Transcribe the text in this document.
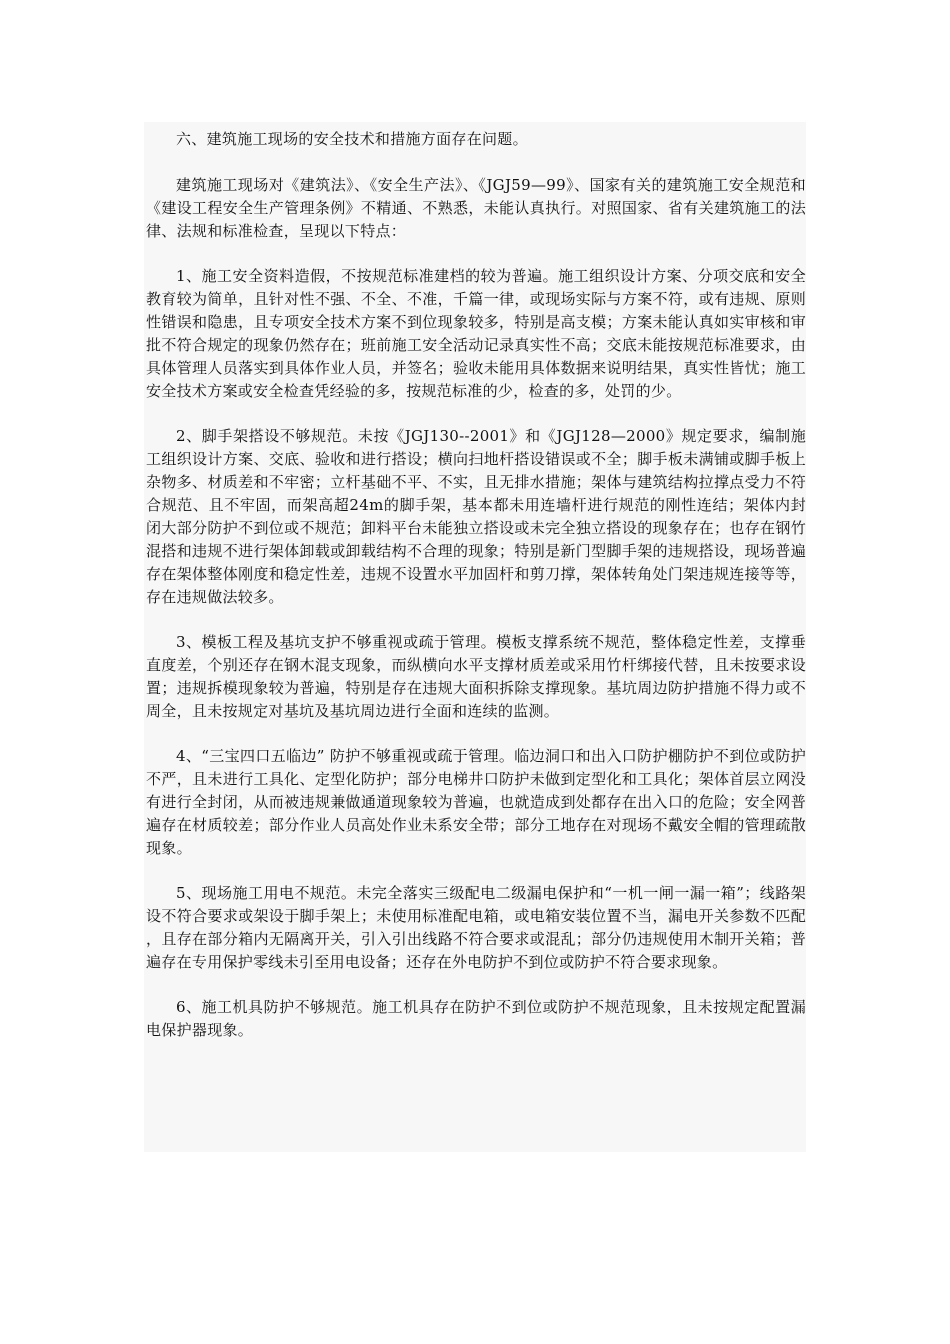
六、建筑施工现场的安全技术和措施方面存在问题。

建筑施工现场对《建筑法》、《安全生产法》、《JGJ59—99》、国家有关的建筑施工安全规范和《建设工程安全生产管理条例》不精通、不熟悉，未能认真执行。对照国家、省有关建筑施工的法律、法规和标准检查，呈现以下特点：

1、施工安全资料造假，不按规范标准建档的较为普遍。施工组织设计方案、分项交底和安全教育较为简单，且针对性不强、不全、不准，千篇一律，或现场实际与方案不符，或有违规、原则性错误和隐患，且专项安全技术方案不到位现象较多，特别是高支模；方案未能认真如实审核和审批不符合规定的现象仍然存在；班前施工安全活动记录真实性不高；交底未能按规范标准要求，由具体管理人员落实到具体作业人员，并签名；验收未能用具体数据来说明结果，真实性皆忧；施工安全技术方案或安全检查凭经验的多，按规范标准的少，检查的多，处罚的少。

2、脚手架搭设不够规范。未按《JGJ130--2001》和《JGJ128—2000》规定要求，编制施工组织设计方案、交底、验收和进行搭设；横向扫地杆搭设错误或不全；脚手板未满铺或脚手板上杂物多、材质差和不牢密；立杆基础不平、不实，且无排水措施；架体与建筑结构拉撑点受力不符合规范、且不牢固，而架高超24m的脚手架，基本都未用连墙杆进行规范的刚性连结；架体内封闭大部分防护不到位或不规范；卸料平台未能独立搭设或未完全独立搭设的现象存在；也存在钢竹混搭和违规不进行架体卸载或卸载结构不合理的现象；特别是新门型脚手架的违规搭设，现场普遍存在架体整体刚度和稳定性差，违规不设置水平加固杆和剪刀撑，架体转角处门架违规连接等等，存在违规做法较多。

3、模板工程及基坑支护不够重视或疏于管理。模板支撑系统不规范，整体稳定性差，支撑垂直度差，个别还存在钢木混支现象，而纵横向水平支撑材质差或采用竹杆绑接代替，且未按要求设置；违规拆模现象较为普遍，特别是存在违规大面积拆除支撑现象。基坑周边防护措施不得力或不周全，且未按规定对基坑及基坑周边进行全面和连续的监测。

4、“三宝四口五临边” 防护不够重视或疏于管理。临边洞口和出入口防护棚防护不到位或防护不严，且未进行工具化、定型化防护；部分电梯井口防护未做到定型化和工具化；架体首层立网没有进行全封闭，从而被违规兼做通道现象较为普遍，也就造成到处都存在出入口的危险；安全网普遍存在材质较差；部分作业人员高处作业未系安全带；部分工地存在对现场不戴安全帽的管理疏散现象。

5、现场施工用电不规范。未完全落实三级配电二级漏电保护和“一机一闸一漏一箱”；线路架设不符合要求或架设于脚手架上；未使用标准配电箱，或电箱安装位置不当，漏电开关参数不匹配，且存在部分箱内无隔离开关，引入引出线路不符合要求或混乱；部分仍违规使用木制开关箱；普遍存在专用保护零线未引至用电设备；还存在外电防护不到位或防护不符合要求现象。

6、施工机具防护不够规范。施工机具存在防护不到位或防护不规范现象，且未按规定配置漏电保护器现象。
